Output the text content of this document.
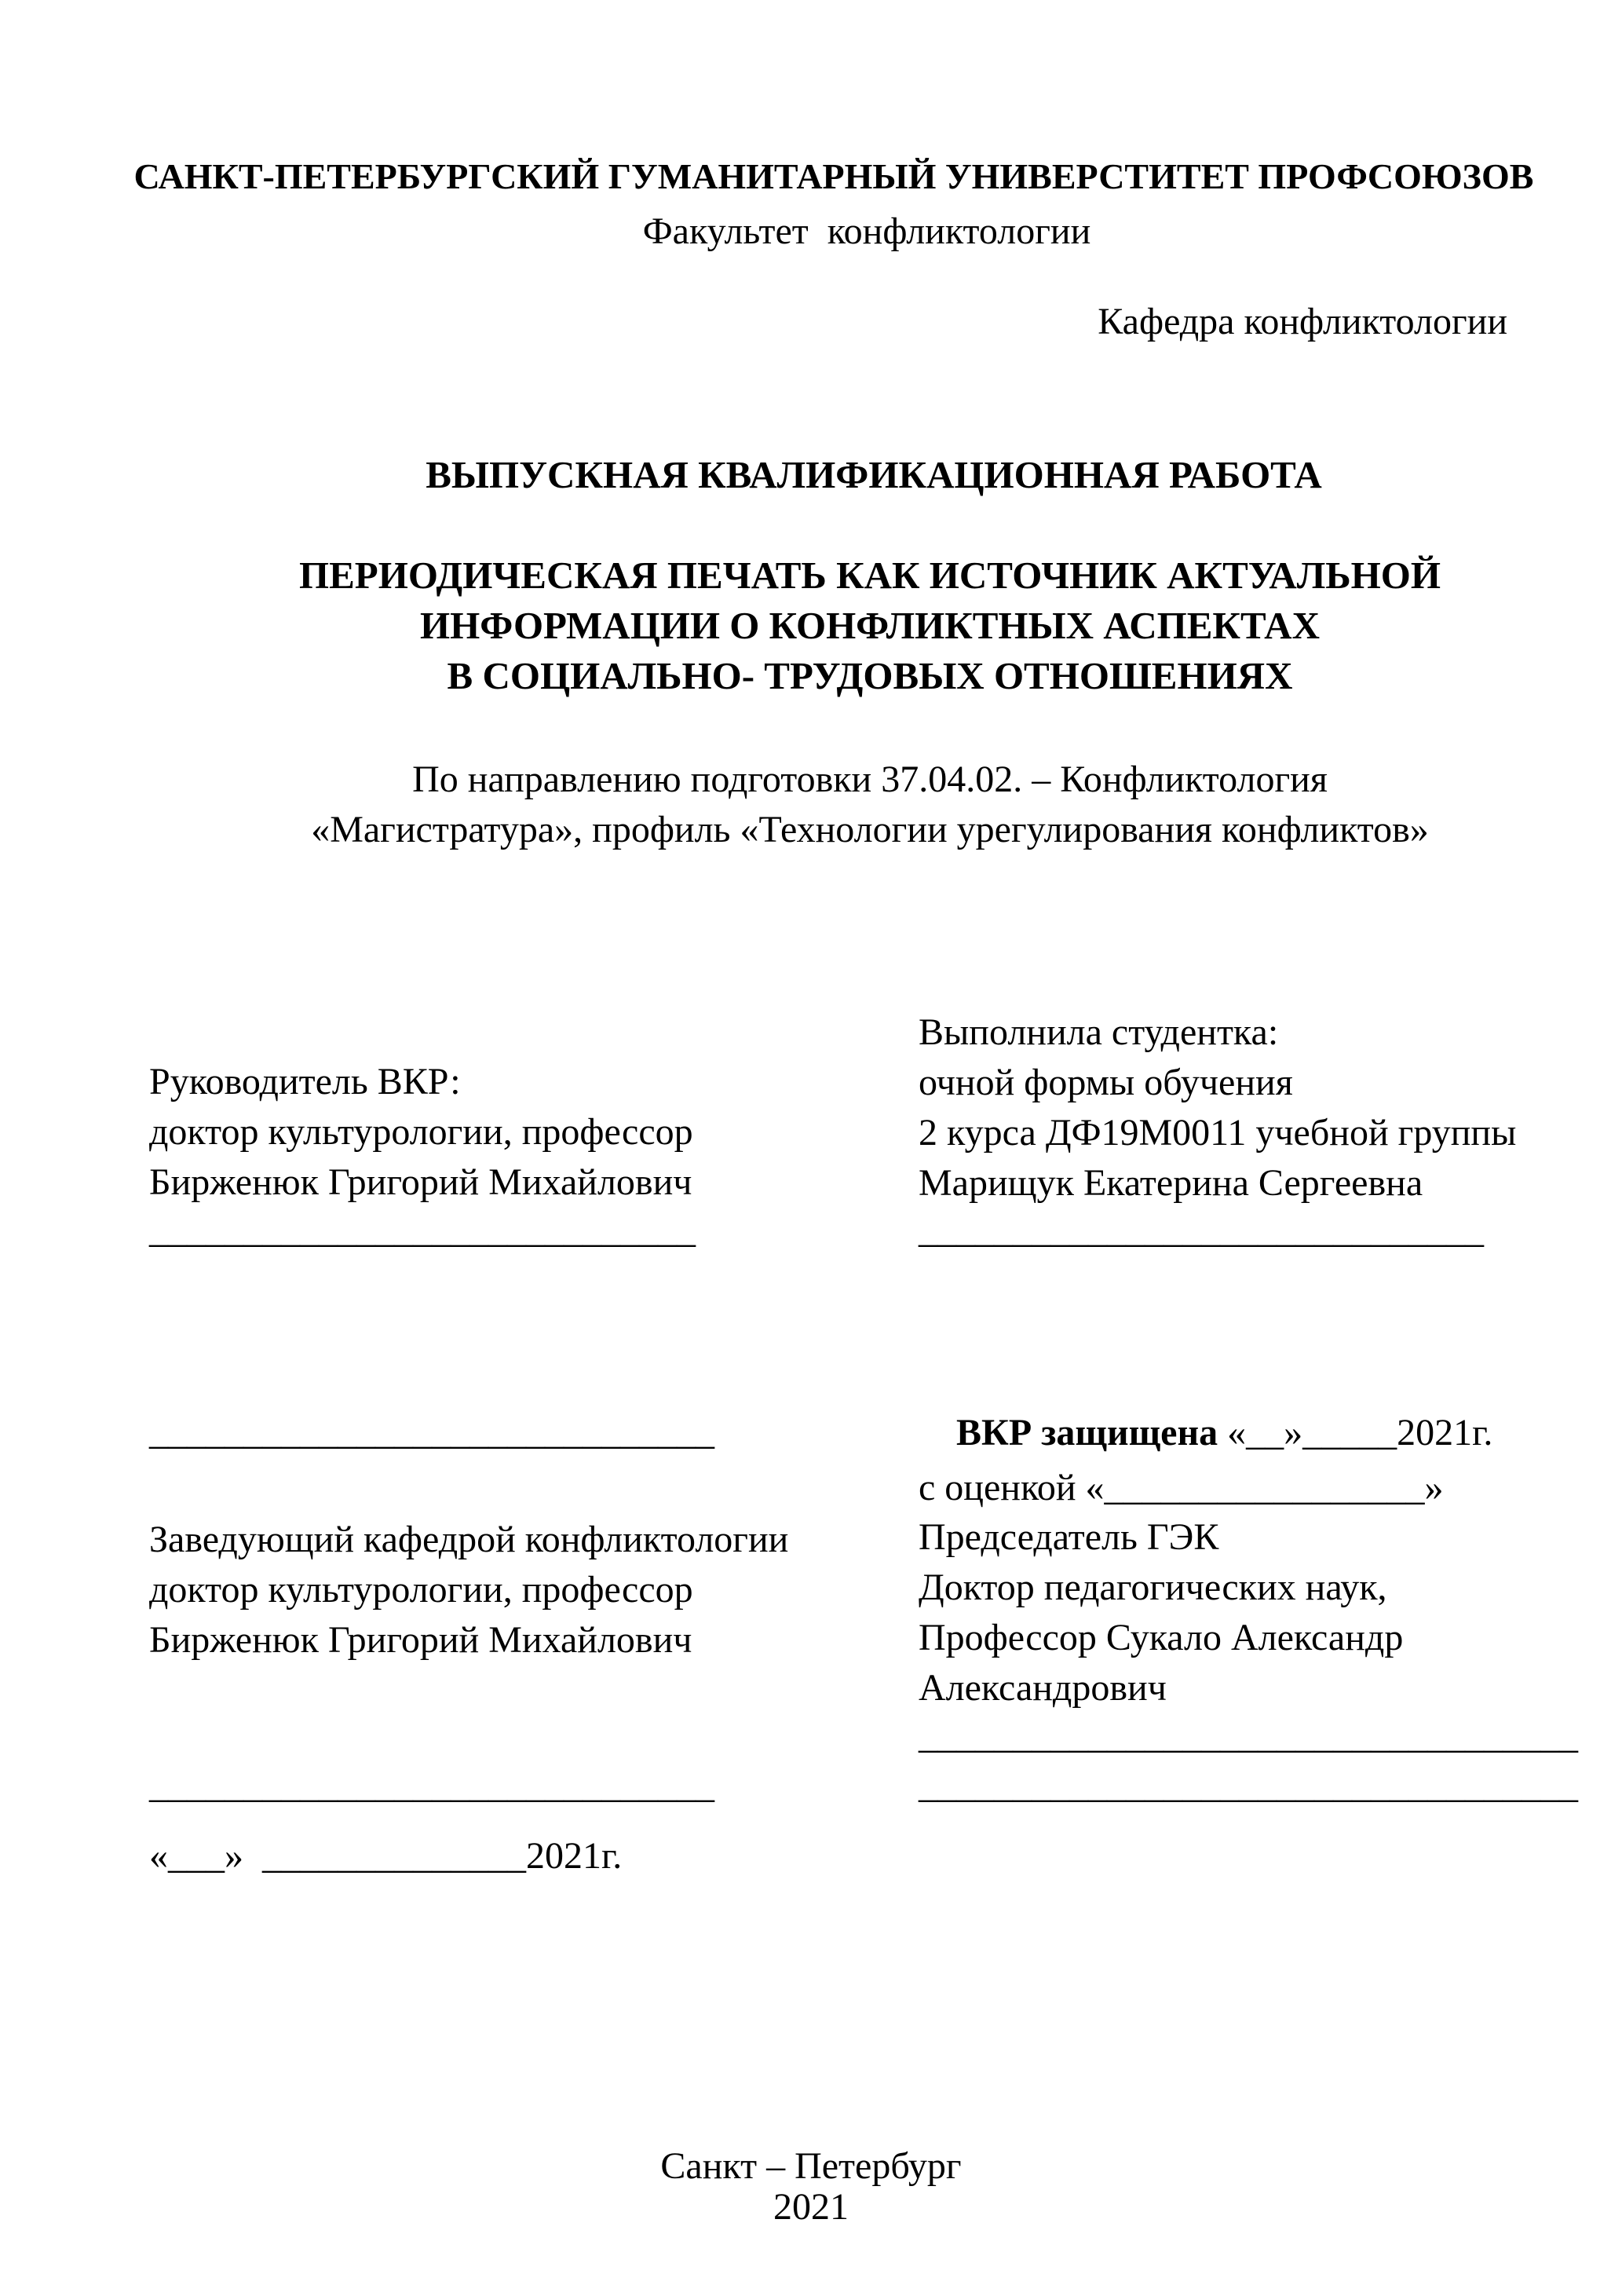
САНКТ-ПЕТЕРБУРГСКИЙ ГУМАНИТАРНЫЙ УНИВЕРСТИТЕТ ПРОФСОЮЗОВ
Факультет  конфликтологии
Кафедра конфликтологии
ВЫПУСКНАЯ КВАЛИФИКАЦИОННАЯ РАБОТА
ПЕРИОДИЧЕСКАЯ ПЕЧАТЬ КАК ИСТОЧНИК АКТУАЛЬНОЙ
ИНФОРМАЦИИ О КОНФЛИКТНЫХ АСПЕКТАХ
В СОЦИАЛЬНО- ТРУДОВЫХ ОТНОШЕНИЯХ
По направлению подготовки 37.04.02. – Конфликтология
«Магистратура», профиль «Технологии урегулирования конфликтов»
Руководитель ВКР:
доктор культурологии, профессор
Бирженюк Григорий Михайлович
_____________________________
______________________________
Заведующий кафедрой конфликтологии
доктор культурологии, профессор
Бирженюк Григорий Михайлович
______________________________
«___»  ______________2021г.
Выполнила студентка:
очной формы обучения
2 курса ДФ19М0011 учебной группы
Марищук Екатерина Сергеевна
______________________________

ВКР защищена «__»_____2021г.

с оценкой «_________________»
Председатель ГЭК
Доктор педагогических наук,
Профессор Сукало Александр
Александрович
___________________________________
___________________________________
Санкт – Петербург
2021
